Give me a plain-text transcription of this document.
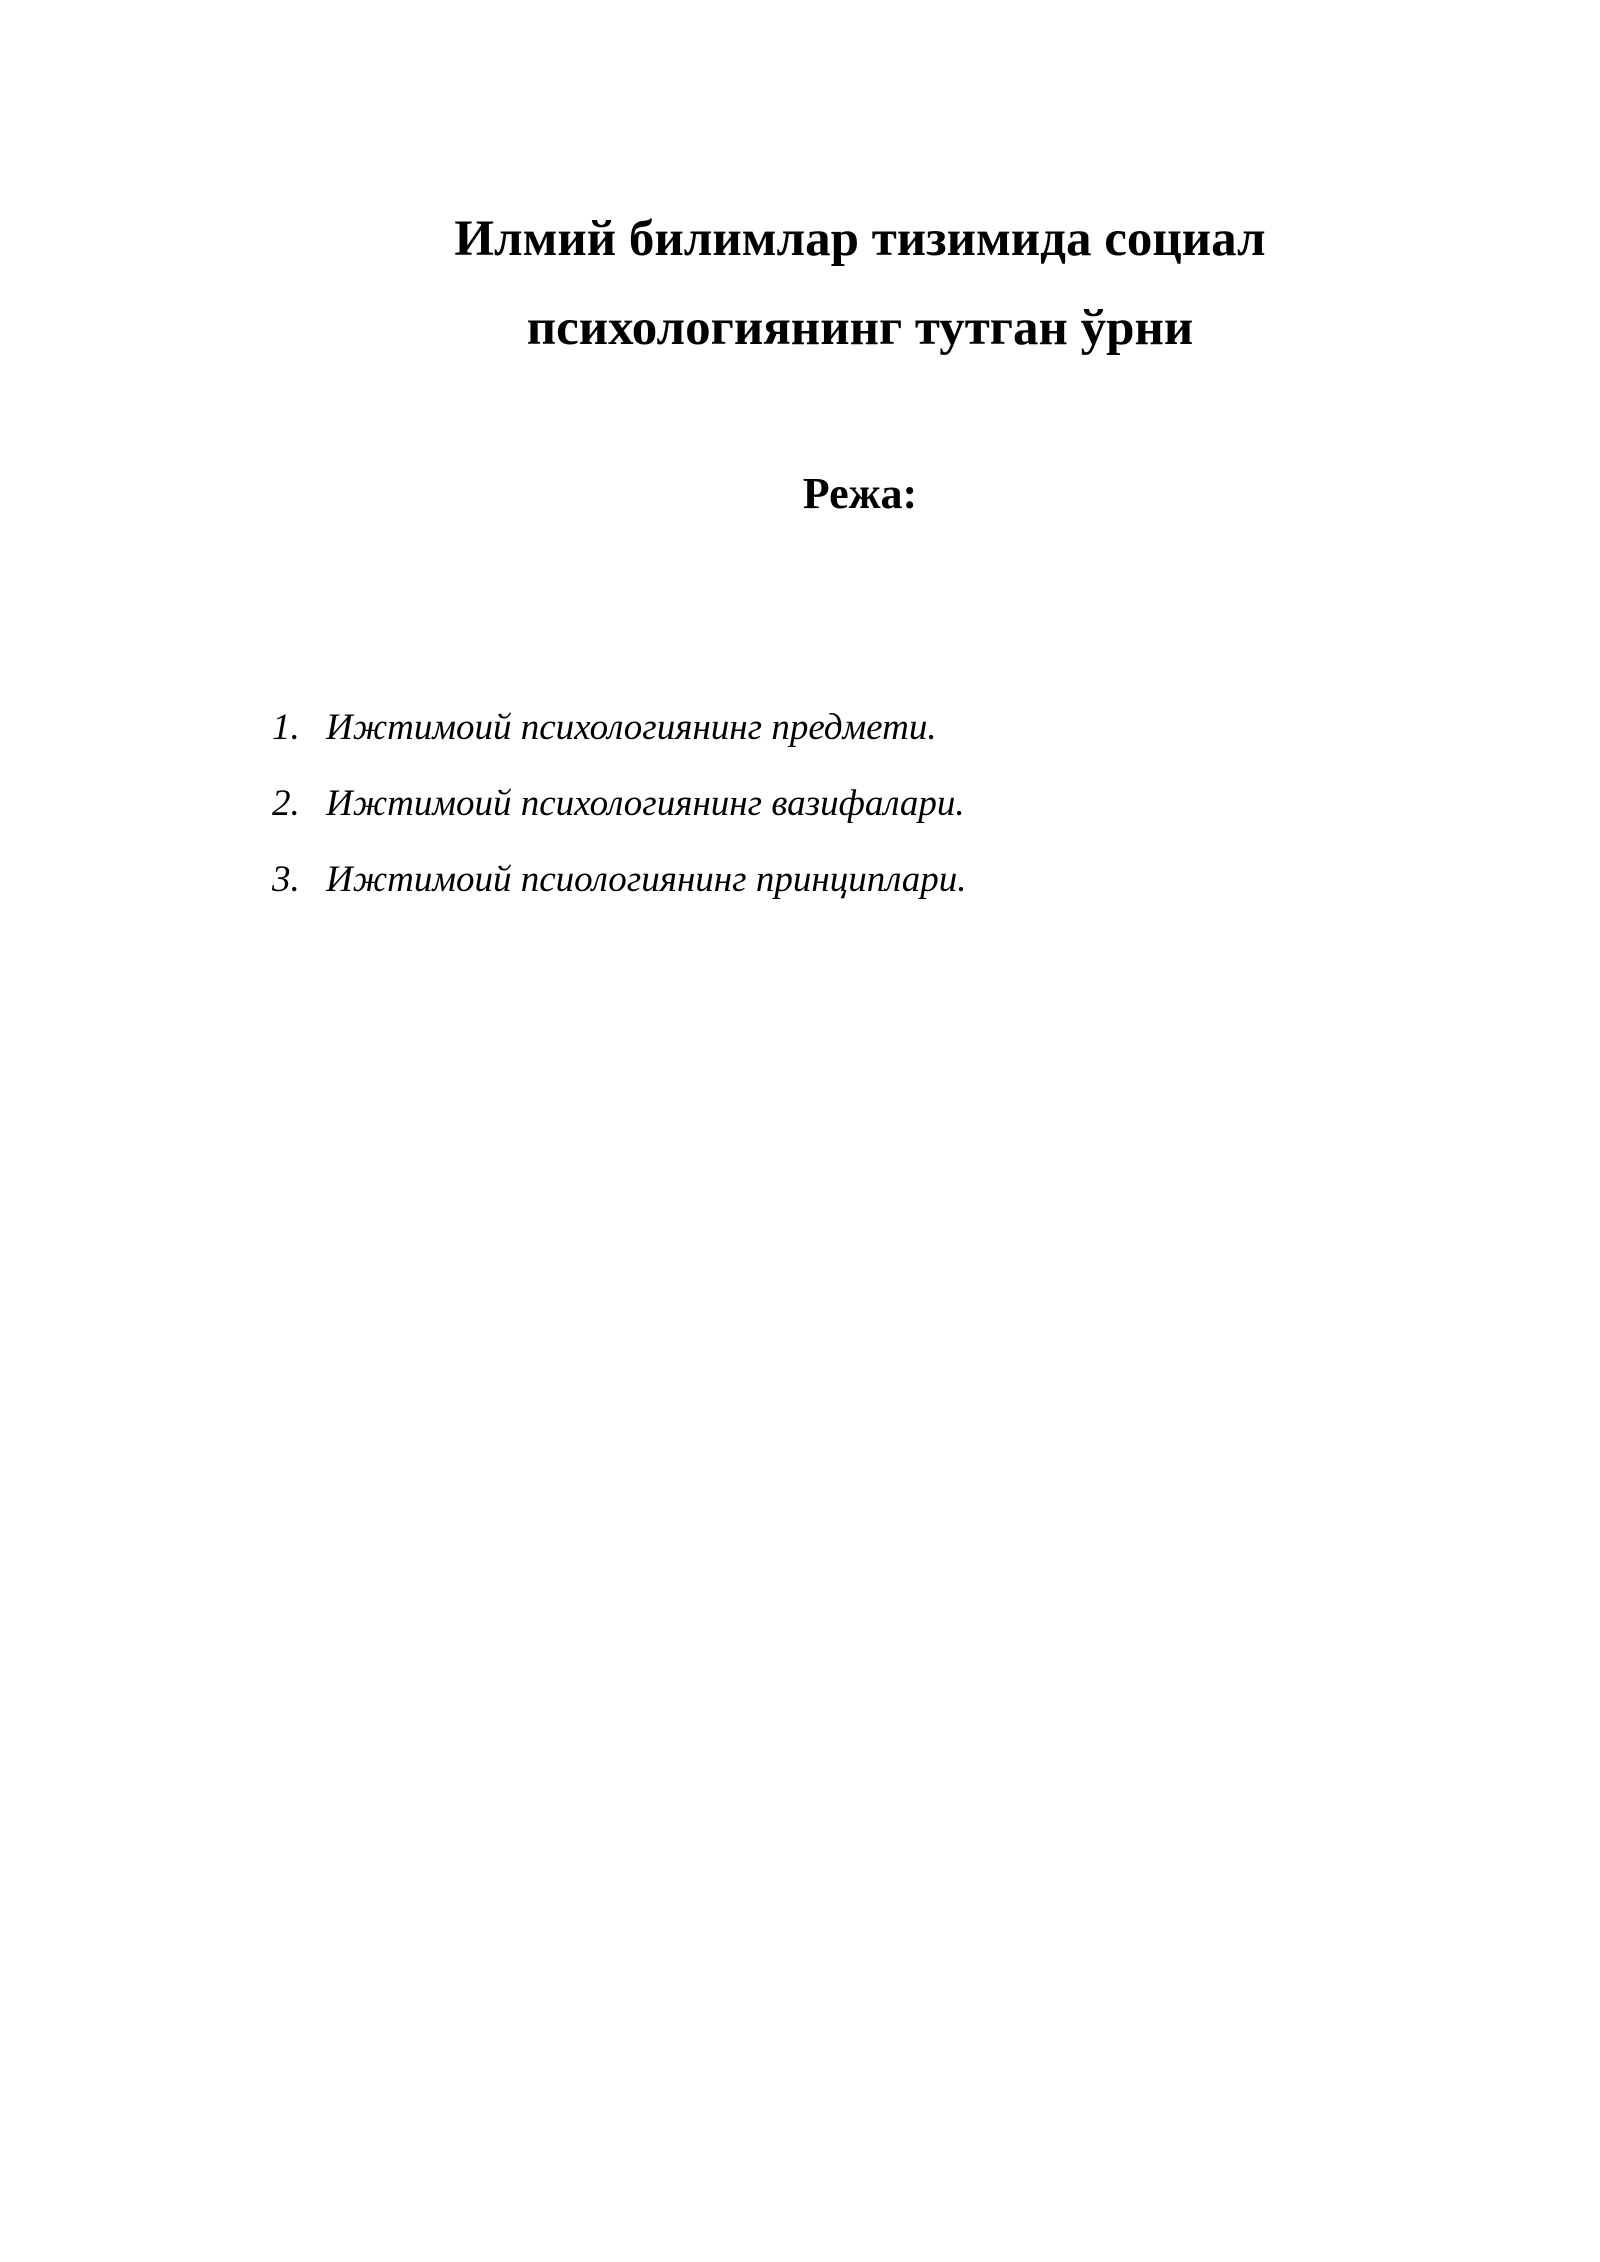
Илмий билимлар тизимида социал
психологиянинг тутган ўрни
Режа:
1. Ижтимоий психологиянинг предмети.
2. Ижтимоий психологиянинг вазифалари.
3. Ижтимоий псиологиянинг принциплари.
